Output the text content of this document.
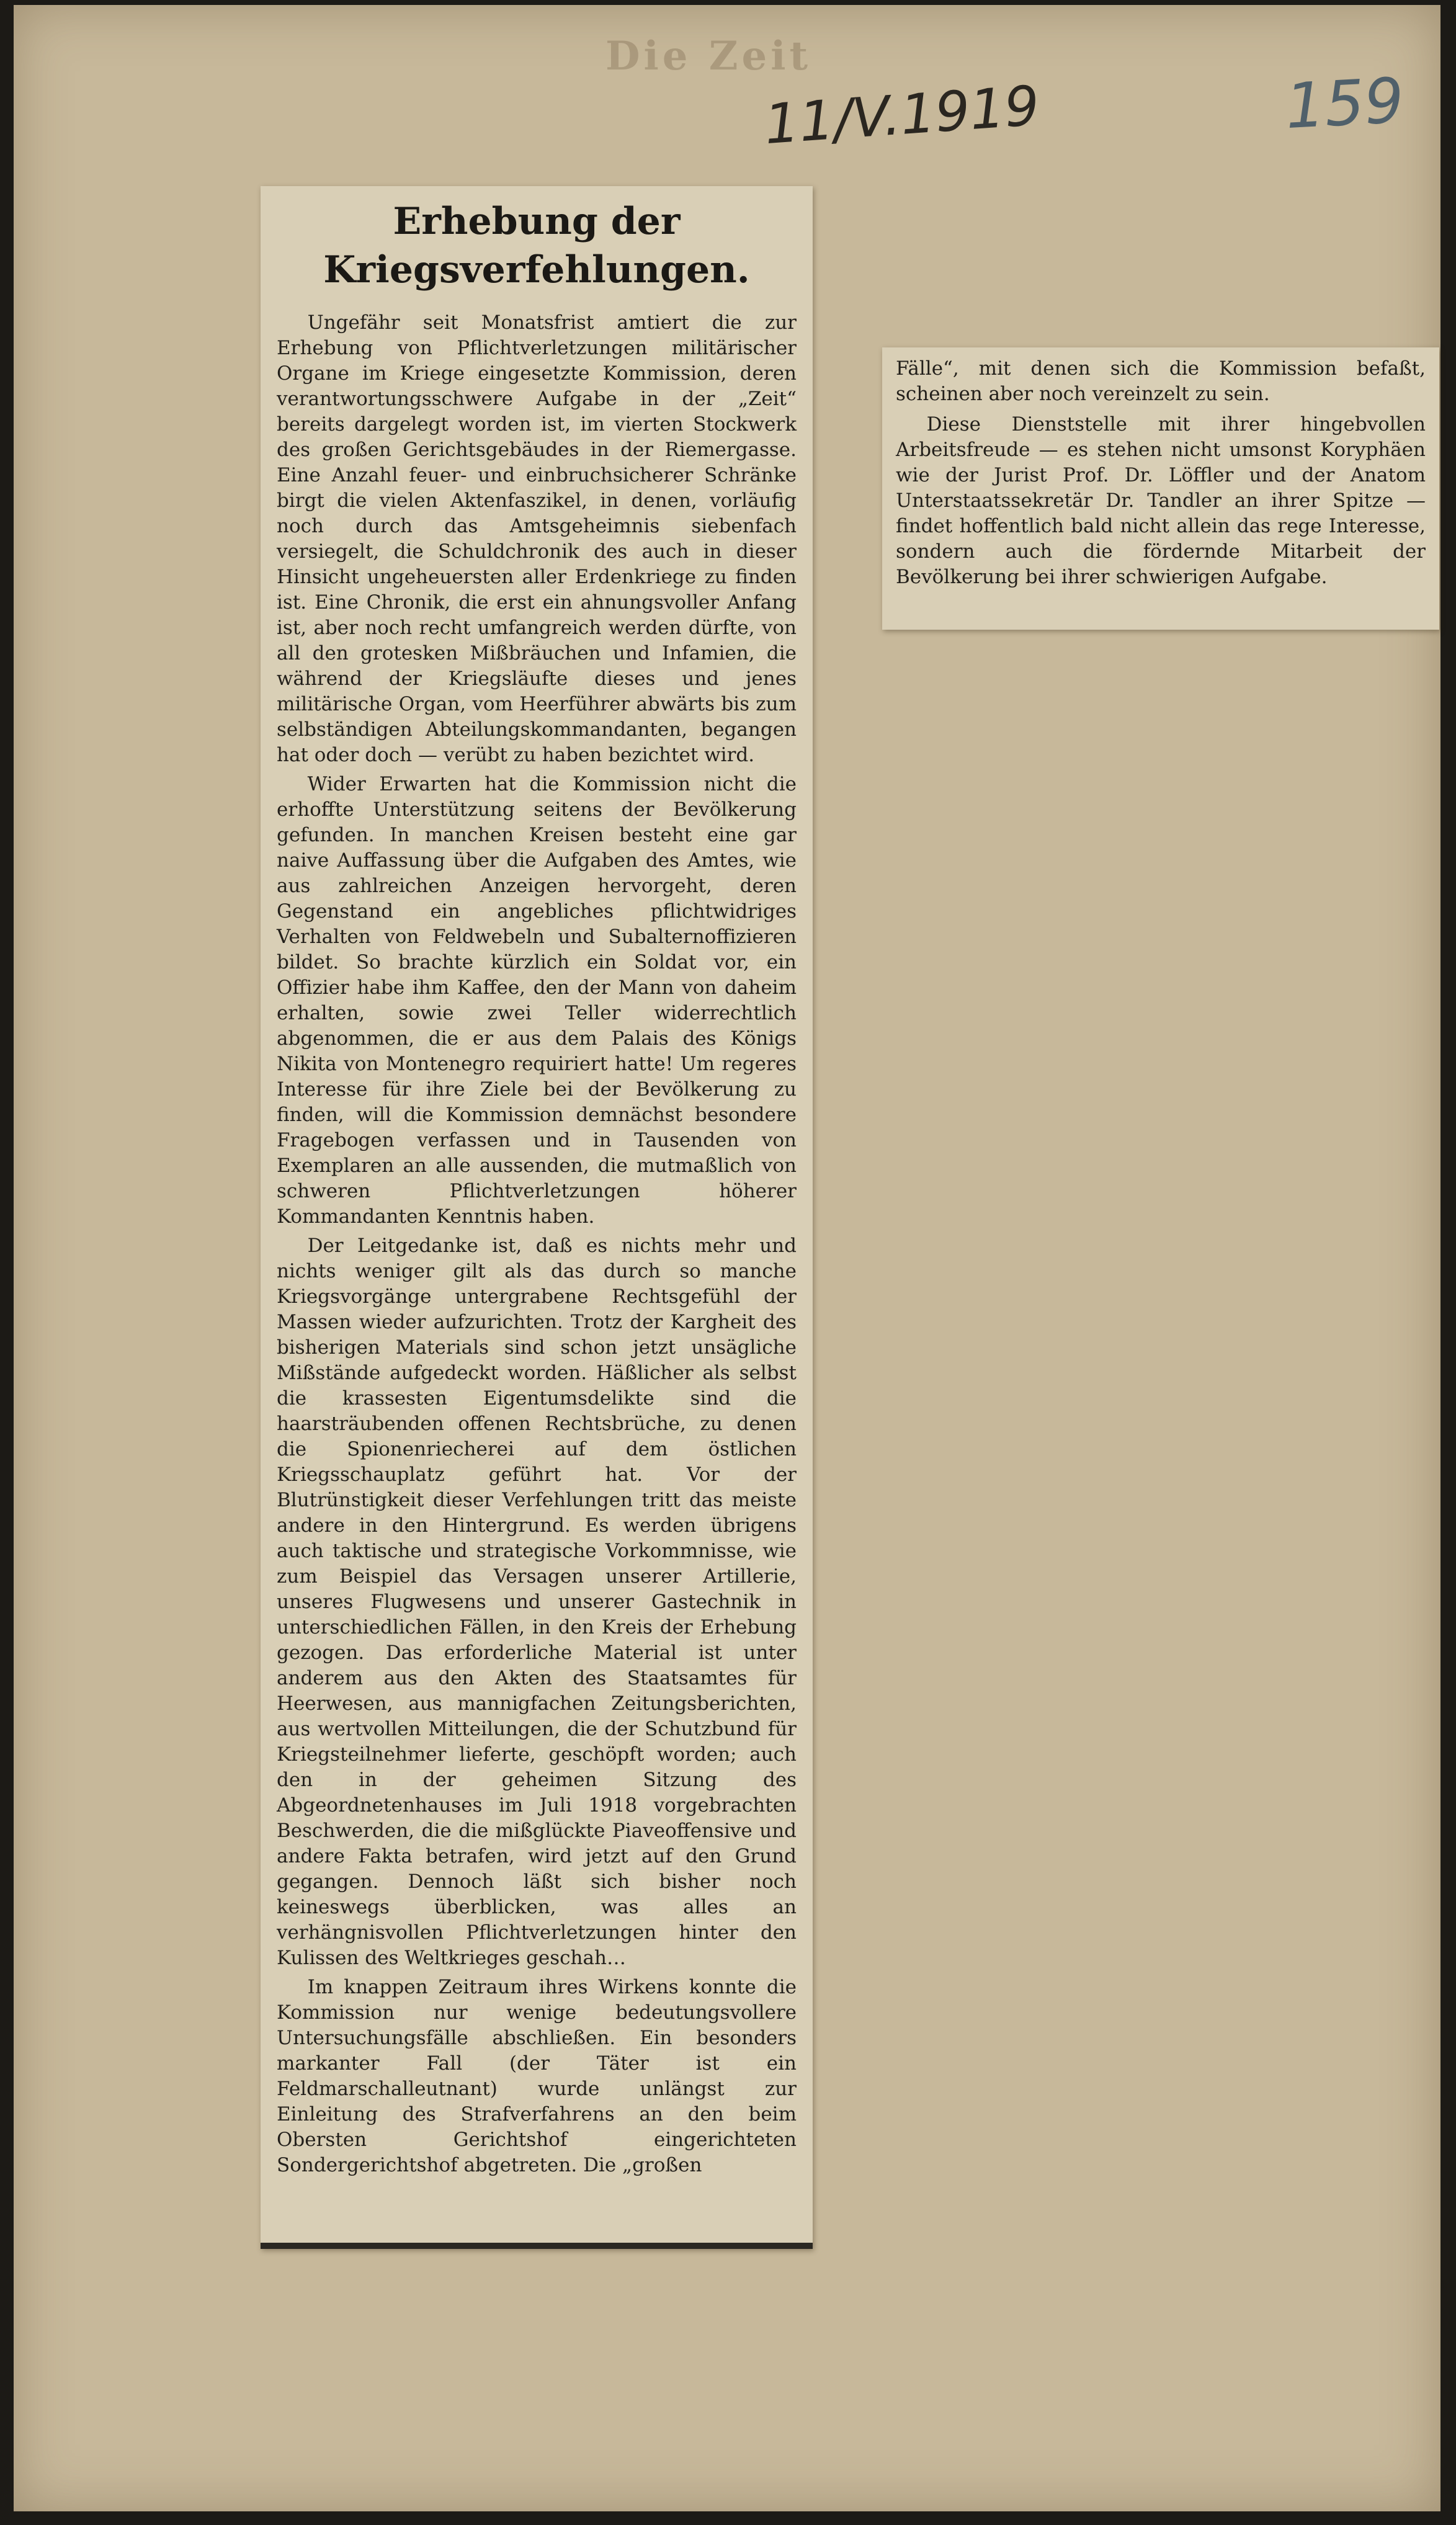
Die Zeit
11/V.1919	159
Erhebung der Kriegsverfehlungen.

Ungefähr seit Monatsfrist amtiert die zur Erhebung von Pflichtverletzungen militärischer Organe im Kriege eingesetzte Kommission, deren verantwortungsschwere Aufgabe in der „Zeit“ bereits dargelegt worden ist, im vierten Stockwerk des großen Gerichtsgebäudes in der Riemergasse. Eine Anzahl feuer- und einbruchsicherer Schränke birgt die vielen Aktenfaszikel, in denen, vorläufig noch durch das Amtsgeheimnis siebenfach versiegelt, die Schuldchronik des auch in dieser Hinsicht ungeheuersten aller Erdenkriege zu finden ist. Eine Chronik, die erst ein ahnungsvoller Anfang ist, aber noch recht umfangreich werden dürfte, von all den grotesken Mißbräuchen und Infamien, die während der Kriegsläufte dieses und jenes militärische Organ, vom Heerführer abwärts bis zum selbständigen Abteilungskommandanten, begangen hat oder doch — verübt zu haben bezichtet wird.

Wider Erwarten hat die Kommission nicht die erhoffte Unterstützung seitens der Bevölkerung gefunden. In manchen Kreisen besteht eine gar naive Auffassung über die Aufgaben des Amtes, wie aus zahlreichen Anzeigen hervorgeht, deren Gegenstand ein angebliches pflichtwidriges Verhalten von Feldwebeln und Subalternoffizieren bildet. So brachte kürzlich ein Soldat vor, ein Offizier habe ihm Kaffee, den der Mann von daheim erhalten, sowie zwei Teller widerrechtlich abgenommen, die er aus dem Palais des Königs Nikita von Montenegro requiriert hatte! Um regeres Interesse für ihre Ziele bei der Bevölkerung zu finden, will die Kommission demnächst besondere Fragebogen verfassen und in Tausenden von Exemplaren an alle aussenden, die mutmaßlich von schweren Pflichtverletzungen höherer Kommandanten Kenntnis haben.

Der Leitgedanke ist, daß es nichts mehr und nichts weniger gilt als das durch so manche Kriegsvorgänge untergrabene Rechtsgefühl der Massen wieder aufzurichten. Trotz der Kargheit des bisherigen Materials sind schon jetzt unsägliche Mißstände aufgedeckt worden. Häßlicher als selbst die krassesten Eigentumsdelikte sind die haarsträubenden offenen Rechtsbrüche, zu denen die Spionenriecherei auf dem östlichen Kriegsschauplatz geführt hat. Vor der Blutrünstigkeit dieser Verfehlungen tritt das meiste andere in den Hintergrund. Es werden übrigens auch taktische und strategische Vorkommnisse, wie zum Beispiel das Versagen unserer Artillerie, unseres Flugwesens und unserer Gastechnik in unterschiedlichen Fällen, in den Kreis der Erhebung gezogen. Das erforderliche Material ist unter anderem aus den Akten des Staatsamtes für Heerwesen, aus mannigfachen Zeitungsberichten, aus wertvollen Mitteilungen, die der Schutzbund für Kriegsteilnehmer lieferte, geschöpft worden; auch den in der geheimen Sitzung des Abgeordnetenhauses im Juli 1918 vorgebrachten Beschwerden, die die mißglückte Piaveoffensive und andere Fakta betrafen, wird jetzt auf den Grund gegangen. Dennoch läßt sich bisher noch keineswegs überblicken, was alles an verhängnisvollen Pflichtverletzungen hinter den Kulissen des Weltkrieges geschah…

Im knappen Zeitraum ihres Wirkens konnte die Kommission nur wenige bedeutungsvollere Untersuchungsfälle abschließen. Ein besonders markanter Fall (der Täter ist ein Feldmarschalleutnant) wurde unlängst zur Einleitung des Strafverfahrens an den beim Obersten Gerichtshof eingerichteten Sondergerichtshof abgetreten. Die „großen

Fälle“, mit denen sich die Kommission befaßt, scheinen aber noch vereinzelt zu sein.

Diese Dienststelle mit ihrer hingebvollen Arbeitsfreude — es stehen nicht umsonst Koryphäen wie der Jurist Prof. Dr. Löffler und der Anatom Unterstaatssekretär Dr. Tandler an ihrer Spitze — findet hoffentlich bald nicht allein das rege Interesse, sondern auch die fördernde Mitarbeit der Bevölkerung bei ihrer schwierigen Aufgabe.
